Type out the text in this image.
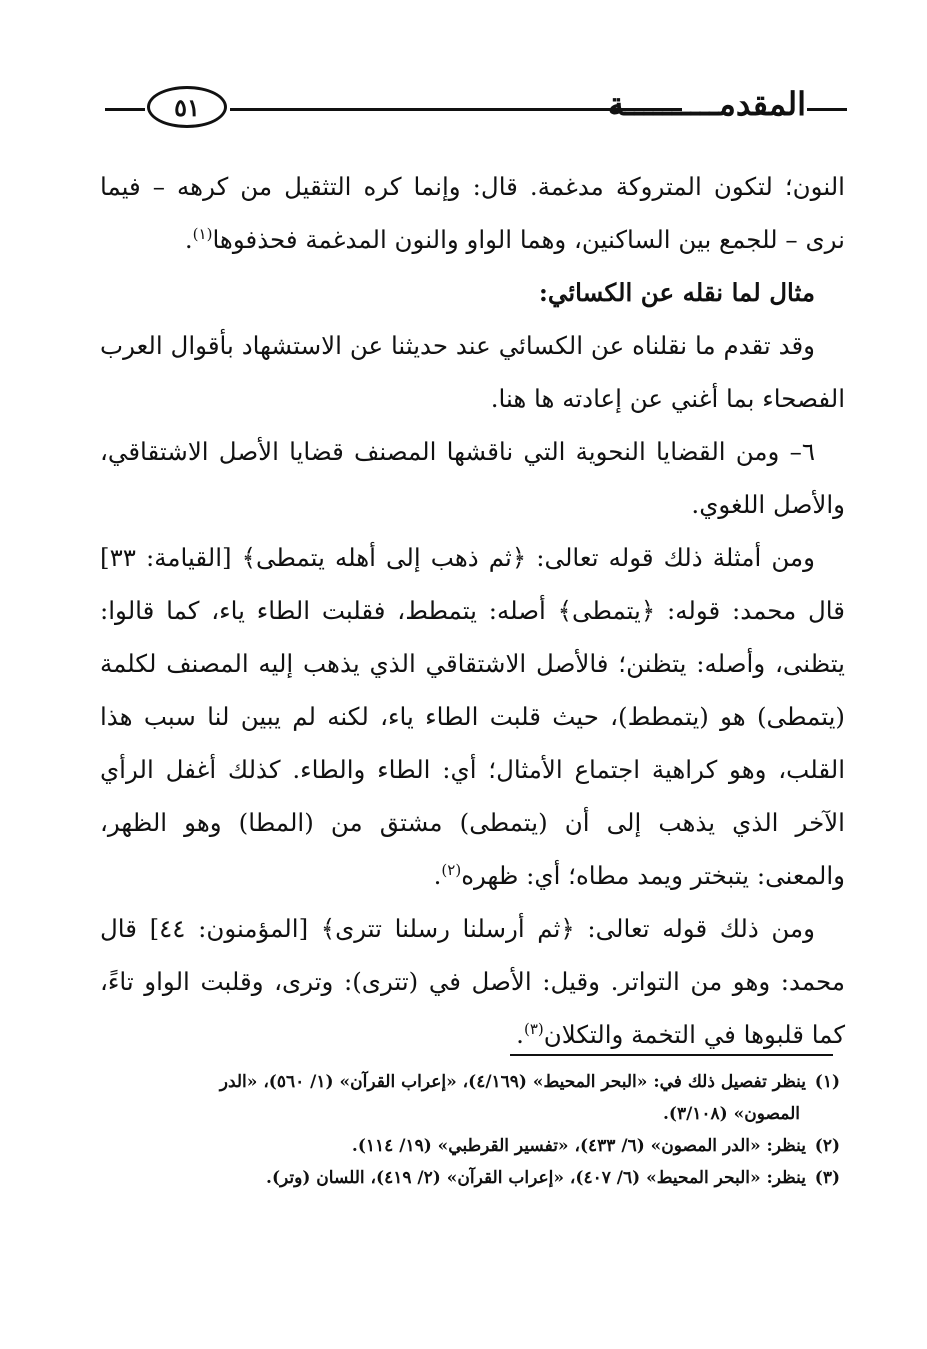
المقدمــــــــــة
٥١

النون؛ لتكون المتروكة مدغمة. قال: وإنما كره التثقيل من كرهه – فيما نرى – للجمع بين الساكنين، وهما الواو والنون المدغمة فحذفوها$^{(١)}$.

مثال لما نقله عن الكسائي:

وقد تقدم ما نقلناه عن الكسائي عند حديثنا عن الاستشهاد بأقوال العرب الفصحاء بما أغني عن إعادته ها هنا.

٦– ومن القضايا النحوية التي ناقشها المصنف قضايا الأصل الاشتقاقي، والأصل اللغوي.

ومن أمثلة ذلك قوله تعالى: ﴿ثم ذهب إلى أهله يتمطى﴾ [القيامة: ٣٣] قال محمد: قوله: ﴿يتمطى﴾ أصله: يتمطط، فقلبت الطاء ياء، كما قالوا: يتظنى، وأصله: يتظنن؛ فالأصل الاشتقاقي الذي يذهب إليه المصنف لكلمة (يتمطى) هو (يتمطط)، حيث قلبت الطاء ياء، لكنه لم يبين لنا سبب هذا القلب، وهو كراهية اجتماع الأمثال؛ أي: الطاء والطاء. كذلك أغفل الرأي الآخر الذي يذهب إلى أن (يتمطى) مشتق من (المطا) وهو الظهر، والمعنى: يتبختر ويمد مطاه؛ أي: ظهره$^{(٢)}$.

ومن ذلك قوله تعالى: ﴿ثم أرسلنا رسلنا تترى﴾ [المؤمنون: ٤٤] قال محمد: وهو من التواتر. وقيل: الأصل في (تترى): وترى، وقلبت الواو تاءً، كما قلبوها في التخمة والتكلان$^{(٣)}$.

(١)ينظر تفصيل ذلك في: «البحر المحيط» (٤/١٦٩)، «إعراب القرآن» (١/ ٥٦٠)، «الدر

المصون» (٣/١٠٨).

(٢)ينظر: «الدر المصون» (٦/ ٤٣٣)، «تفسير القرطبي» (١٩/ ١١٤).

(٣)ينظر: «البحر المحيط» (٦/ ٤٠٧)، «إعراب القرآن» (٢/ ٤١٩)، اللسان (وتر).
